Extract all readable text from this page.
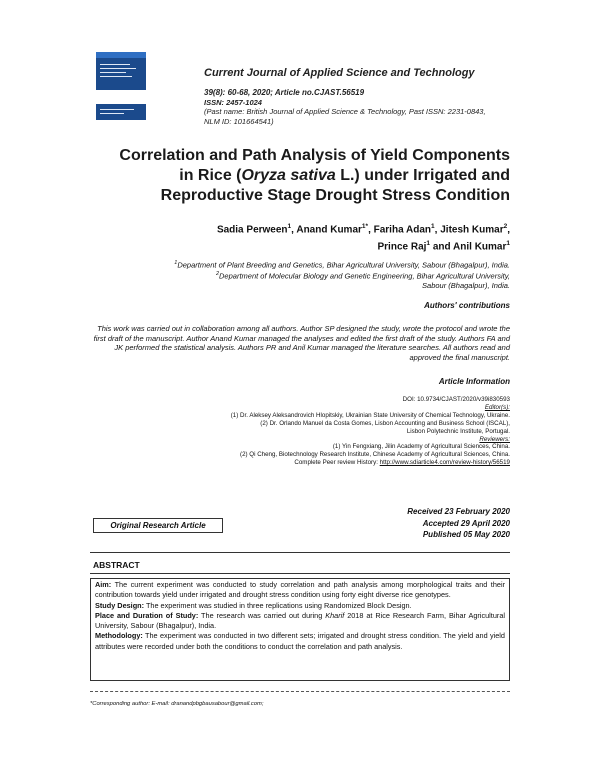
Current Journal of Applied Science and Technology
39(8): 60-68, 2020; Article no.CJAST.56519
ISSN: 2457-1024
(Past name: British Journal of Applied Science & Technology, Past ISSN: 2231-0843,
NLM ID: 101664541)
Correlation and Path Analysis of Yield Components
in Rice (Oryza sativa L.) under Irrigated and
Reproductive Stage Drought Stress Condition
Sadia Perween$^1$, Anand Kumar$^{1*}$, Fariha Adan$^1$, Jitesh Kumar$^2$,
Prince Raj$^1$ and Anil Kumar$^1$
$^1$Department of Plant Breeding and Genetics, Bihar Agricultural University, Sabour (Bhagalpur), India.
$^2$Department of Molecular Biology and Genetic Engineering, Bihar Agricultural University,
Sabour (Bhagalpur), India.
Authors' contributions

This work was carried out in collaboration among all authors. Author SP designed the study, wrote the protocol and wrote the first draft of the manuscript. Author Anand Kumar managed the analyses and edited the first draft of the study. Authors FA and JK performed the statistical analysis. Authors PR and Anil Kumar managed the literature searches. All authors read and approved the final manuscript.

Article Information
DOI: 10.9734/CJAST/2020/v39i830593
Editor(s):
(1) Dr. Aleksey Aleksandrovich Hlopitskiy, Ukrainian State University of Chemical Technology, Ukraine.
(2) Dr. Orlando Manuel da Costa Gomes, Lisbon Accounting and Business School (ISCAL),
Lisbon Polytechnic Institute, Portugal.
Reviewers:
(1) Yin Fengxiang, Jilin Academy of Agricultural Sciences, China.
(2) Qi Cheng, Biotechnology Research Institute, Chinese Academy of Agricultural Sciences, China.
Complete Peer review History: http://www.sdiarticle4.com/review-history/56519
Original Research Article
Received 23 February 2020
Accepted 29 April 2020
Published 05 May 2020
ABSTRACT

Aim: The current experiment was conducted to study correlation and path analysis among morphological traits and their contribution towards yield under irrigated and drought stress condition using forty eight diverse rice genotypes.

Study Design: The experiment was studied in three replications using Randomized Block Design.

Place and Duration of Study: The research was carried out during Kharif 2018 at Rice Research Farm, Bihar Agricultural University, Sabour (Bhagalpur), India.

Methodology: The experiment was conducted in two different sets; irrigated and drought stress condition. The yield and yield attributes were recorded under both the conditions to conduct the correlation and path analysis.

*Corresponding author: E-mail: dranandpbgbausabour@gmail.com;
